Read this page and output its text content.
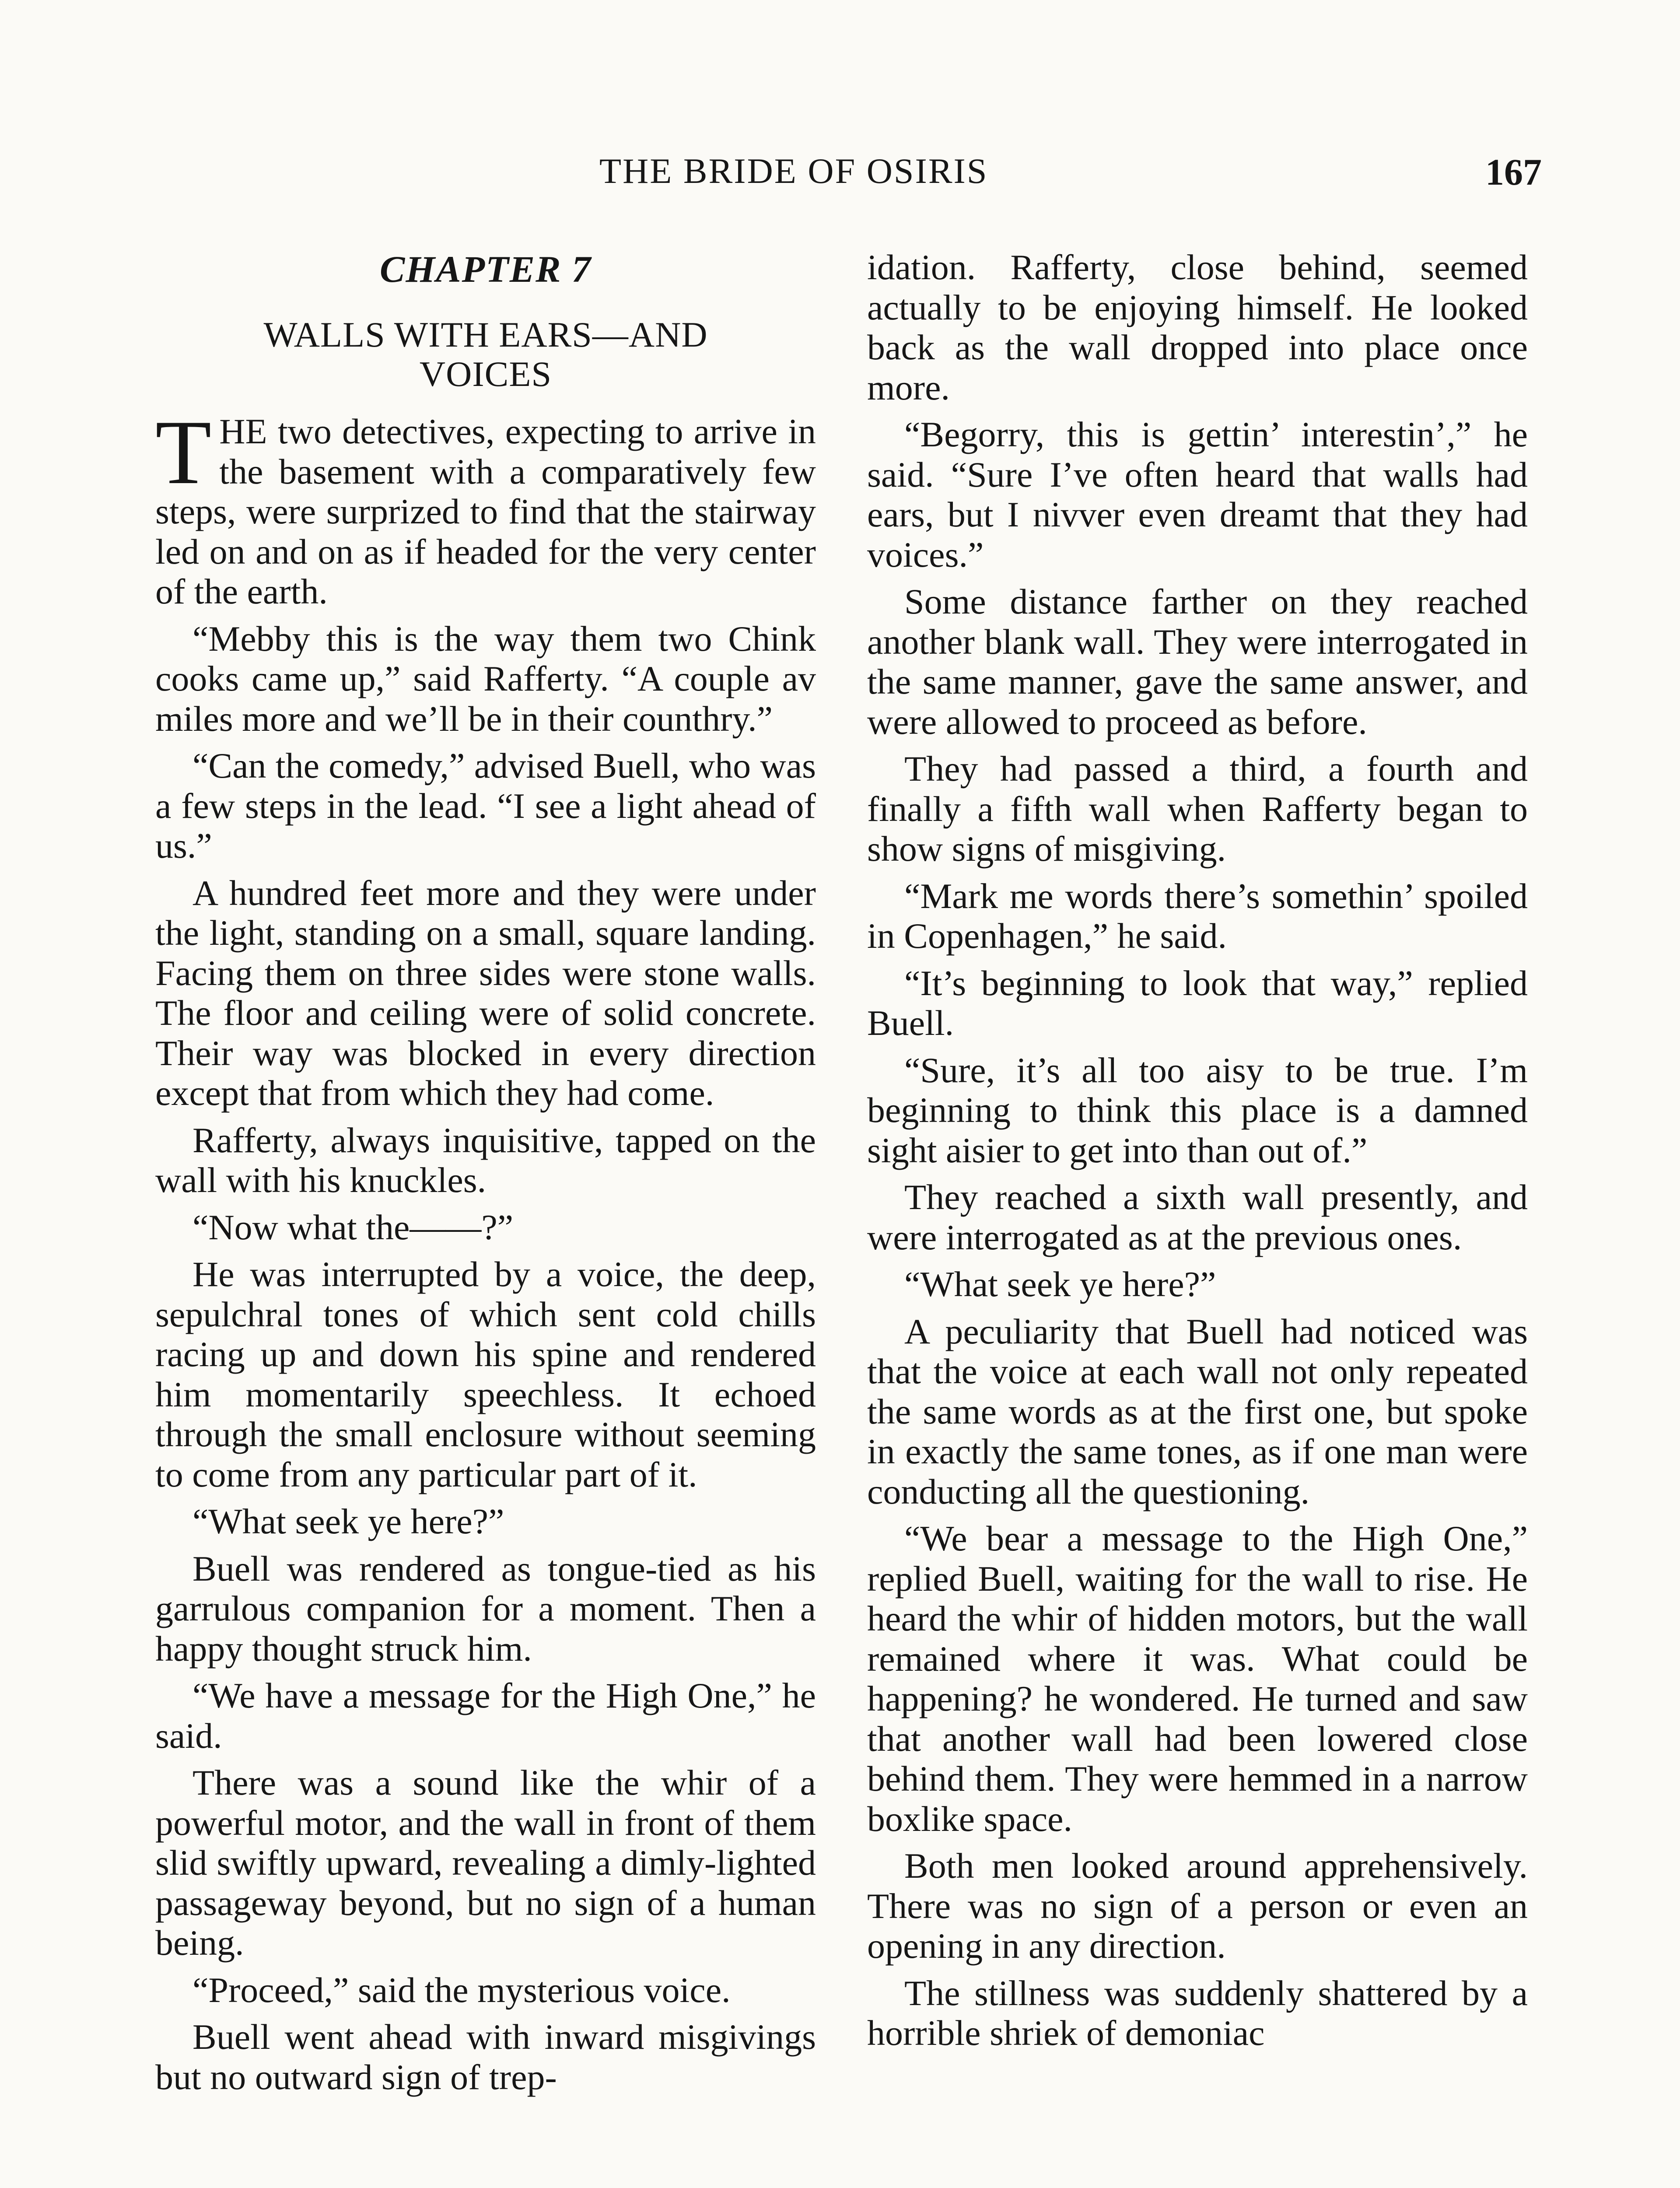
THE BRIDE OF OSIRIS	167
CHAPTER 7
WALLS WITH EARS—AND VOICES

THE two detectives, expecting to arrive in the basement with a comparatively few steps, were surprized to find that the stairway led on and on as if headed for the very center of the earth.

“Mebby this is the way them two Chink cooks came up,” said Rafferty. “A couple av miles more and we’ll be in their counthry.”

“Can the comedy,” advised Buell, who was a few steps in the lead. “I see a light ahead of us.”

A hundred feet more and they were under the light, standing on a small, square landing. Facing them on three sides were stone walls. The floor and ceiling were of solid concrete. Their way was blocked in every direction except that from which they had come.

Rafferty, always inquisitive, tapped on the wall with his knuckles.

“Now what the——?”

He was interrupted by a voice, the deep, sepulchral tones of which sent cold chills racing up and down his spine and rendered him momentarily speechless. It echoed through the small enclosure without seeming to come from any particular part of it.

“What seek ye here?”

Buell was rendered as tongue-tied as his garrulous companion for a moment. Then a happy thought struck him.

“We have a message for the High One,” he said.

There was a sound like the whir of a powerful motor, and the wall in front of them slid swiftly upward, revealing a dimly-lighted passageway beyond, but no sign of a human being.

“Proceed,” said the mysterious voice.

Buell went ahead with inward misgivings but no outward sign of trep-

idation. Rafferty, close behind, seemed actually to be enjoying himself. He looked back as the wall dropped into place once more.

“Begorry, this is gettin’ interestin’,” he said. “Sure I’ve often heard that walls had ears, but I nivver even dreamt that they had voices.”

Some distance farther on they reached another blank wall. They were interrogated in the same manner, gave the same answer, and were allowed to proceed as before.

They had passed a third, a fourth and finally a fifth wall when Rafferty began to show signs of misgiving.

“Mark me words there’s somethin’ spoiled in Copenhagen,” he said.

“It’s beginning to look that way,” replied Buell.

“Sure, it’s all too aisy to be true. I’m beginning to think this place is a damned sight aisier to get into than out of.”

They reached a sixth wall presently, and were interrogated as at the previous ones.

“What seek ye here?”

A peculiarity that Buell had noticed was that the voice at each wall not only repeated the same words as at the first one, but spoke in exactly the same tones, as if one man were conducting all the questioning.

“We bear a message to the High One,” replied Buell, waiting for the wall to rise. He heard the whir of hidden motors, but the wall remained where it was. What could be happening? he wondered. He turned and saw that another wall had been lowered close behind them. They were hemmed in a narrow boxlike space.

Both men looked around apprehensively. There was no sign of a person or even an opening in any direction.

The stillness was suddenly shattered by a horrible shriek of demoniac
